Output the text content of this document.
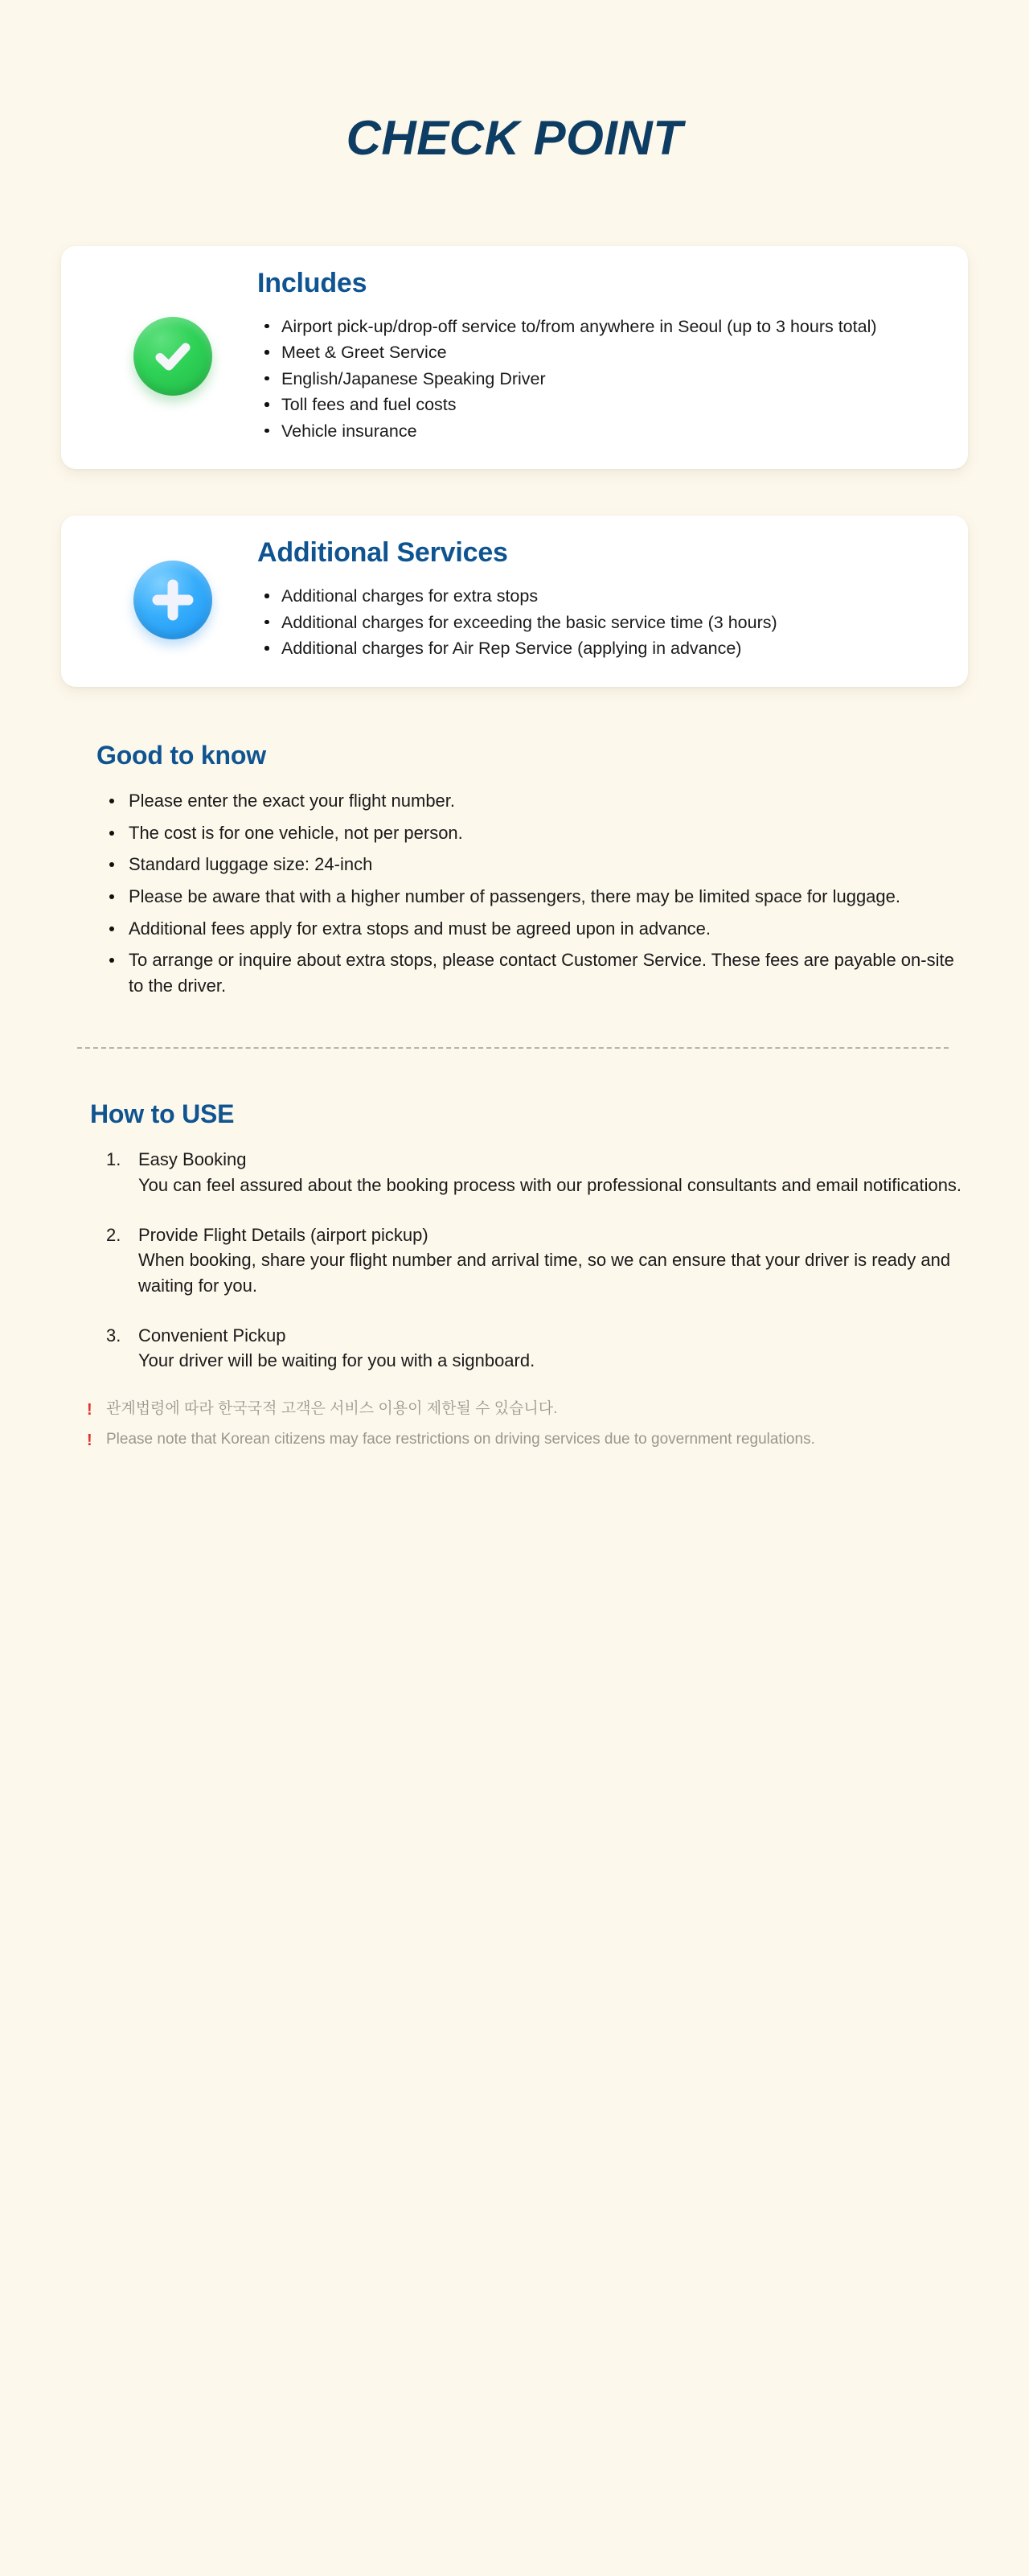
CHECK POINT
Includes
Airport pick-up/drop-off service to/from anywhere in Seoul (up to 3 hours total)
Meet & Greet Service
English/Japanese Speaking Driver
Toll fees and fuel costs
Vehicle insurance
Additional Services
Additional charges for extra stops
Additional charges for exceeding the basic service time (3 hours)
Additional charges for Air Rep Service (applying in advance)
Good to know
Please enter the exact your flight number.
The cost is for one vehicle, not per person.
Standard luggage size: 24-inch
Please be aware that with a higher number of passengers, there may be limited space for luggage.
Additional fees apply for extra stops and must be agreed upon in advance.
To arrange or inquire about extra stops, please contact Customer Service. These fees are payable on-site to the driver.
How to USE

Easy Booking

You can feel assured about the booking process with our professional consultants and email notifications.

Provide Flight Details (airport pickup)

When booking, share your flight number and arrival time, so we can ensure that your driver is ready and waiting for you.

Convenient Pickup

Your driver will be waiting for you with a signboard.

! 관계법령에 따라 한국국적 고객은 서비스 이용이 제한될 수 있습니다.
! Please note that Korean citizens may face restrictions on driving services due to government regulations.
